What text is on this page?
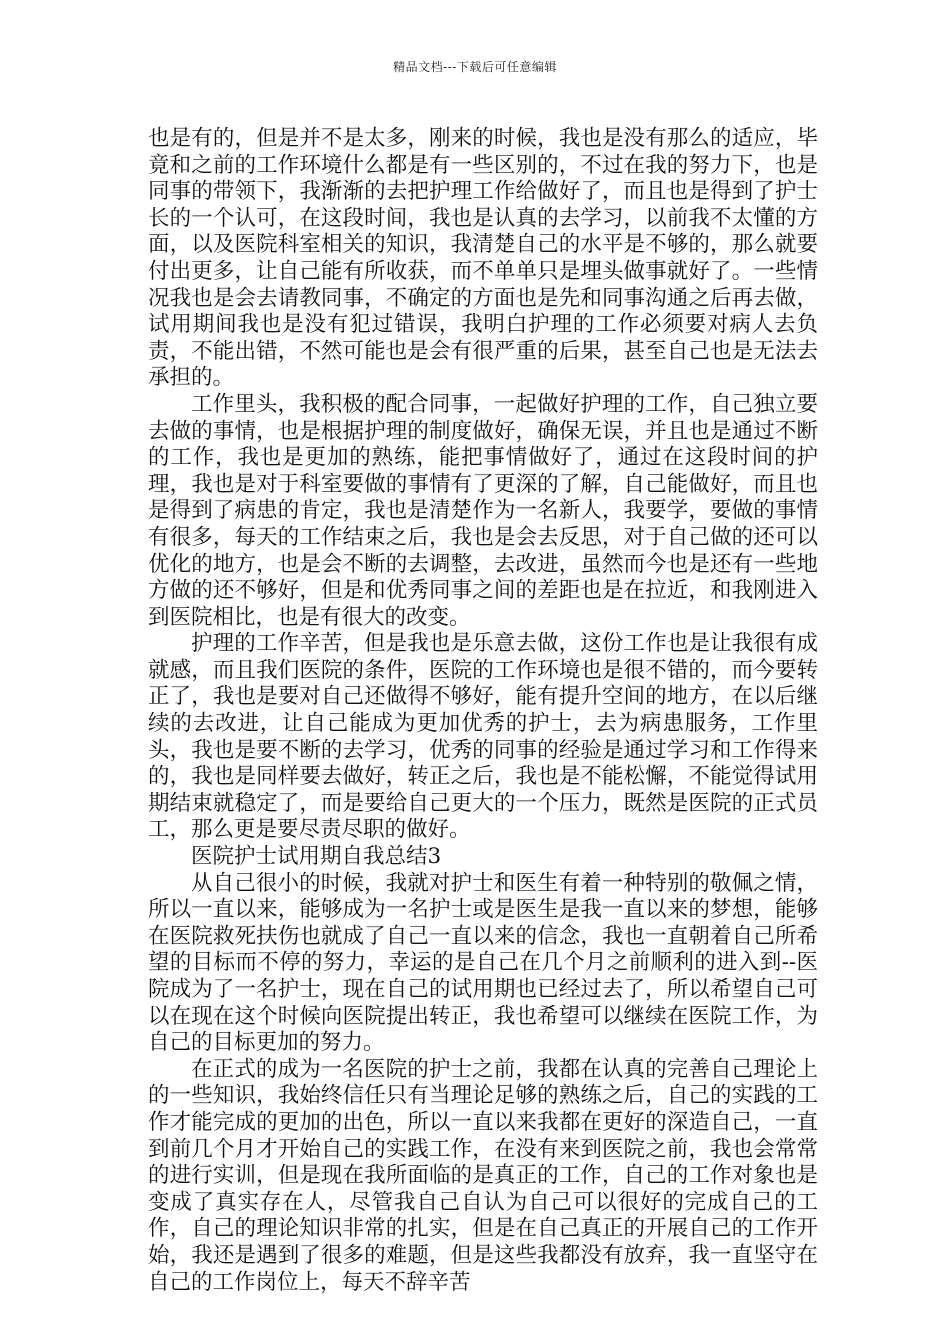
精品文档---下载后可任意编辑

也是有的，但是并不是太多，刚来的时候，我也是没有那么的适应，毕竟和之前的工作环境什么都是有一些区别的，不过在我的努力下，也是同事的带领下，我渐渐的去把护理工作给做好了，而且也是得到了护士长的一个认可，在这段时间，我也是认真的去学习，以前我不太懂的方面，以及医院科室相关的知识，我清楚自己的水平是不够的，那么就要付出更多，让自己能有所收获，而不单单只是埋头做事就好了。一些情况我也是会去请教同事，不确定的方面也是先和同事沟通之后再去做，试用期间我也是没有犯过错误，我明白护理的工作必须要对病人去负责，不能出错，不然可能也是会有很严重的后果，甚至自己也是无法去承担的。

工作里头，我积极的配合同事，一起做好护理的工作，自己独立要去做的事情，也是根据护理的制度做好，确保无误，并且也是通过不断的工作，我也是更加的熟练，能把事情做好了，通过在这段时间的护理，我也是对于科室要做的事情有了更深的了解，自己能做好，而且也是得到了病患的肯定，我也是清楚作为一名新人，我要学，要做的事情有很多，每天的工作结束之后，我也是会去反思，对于自己做的还可以优化的地方，也是会不断的去调整，去改进，虽然而今也是还有一些地方做的还不够好，但是和优秀同事之间的差距也是在拉近，和我刚进入到医院相比，也是有很大的改变。

护理的工作辛苦，但是我也是乐意去做，这份工作也是让我很有成就感，而且我们医院的条件，医院的工作环境也是很不错的，而今要转正了，我也是要对自己还做得不够好，能有提升空间的地方，在以后继续的去改进，让自己能成为更加优秀的护士，去为病患服务，工作里头，我也是要不断的去学习，优秀的同事的经验是通过学习和工作得来的，我也是同样要去做好，转正之后，我也是不能松懈，不能觉得试用期结束就稳定了，而是要给自己更大的一个压力，既然是医院的正式员工，那么更是要尽责尽职的做好。

医院护士试用期自我总结3

从自己很小的时候，我就对护士和医生有着一种特别的敬佩之情，所以一直以来，能够成为一名护士或是医生是我一直以来的梦想，能够在医院救死扶伤也就成了自己一直以来的信念，我也一直朝着自己所希望的目标而不停的努力，幸运的是自己在几个月之前顺利的进入到--医院成为了一名护士，现在自己的试用期也已经过去了，所以希望自己可以在现在这个时候向医院提出转正，我也希望可以继续在医院工作，为自己的目标更加的努力。

在正式的成为一名医院的护士之前，我都在认真的完善自己理论上的一些知识，我始终信任只有当理论足够的熟练之后，自己的实践的工作才能完成的更加的出色，所以一直以来我都在更好的深造自己，一直到前几个月才开始自己的实践工作，在没有来到医院之前，我也会常常的进行实训，但是现在我所面临的是真正的工作，自己的工作对象也是变成了真实存在人，尽管我自己自认为自己可以很好的完成自己的工作，自己的理论知识非常的扎实，但是在自己真正的开展自己的工作开始，我还是遇到了很多的难题，但是这些我都没有放弃，我一直坚守在自己的工作岗位上，每天不辞辛苦
